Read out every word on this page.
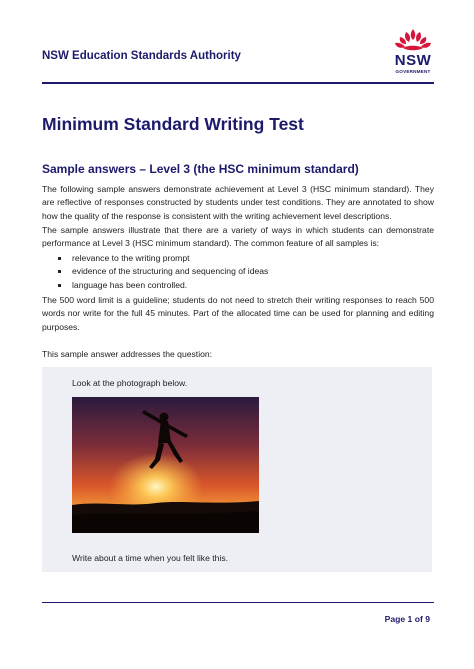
NSW Education Standards Authority	NSW
GOVERNMENT
Minimum Standard Writing Test
Sample answers – Level 3 (the HSC minimum standard)
The following sample answers demonstrate achievement at Level 3 (HSC minimum standard). They are reflective of responses constructed by students under test conditions. They are annotated to show how the quality of the response is consistent with the writing achievement level descriptions.
The sample answers illustrate that there are a variety of ways in which students can demonstrate performance at Level 3 (HSC minimum standard). The common feature of all samples is:
relevance to the writing prompt
evidence of the structuring and sequencing of ideas
language has been controlled.
The 500 word limit is a guideline; students do not need to stretch their writing responses to reach 500 words nor write for the full 45 minutes. Part of the allocated time can be used for planning and editing purposes.
This sample answer addresses the question:
Look at the photograph below.
Write about a time when you felt like this.
Page 1 of 9
